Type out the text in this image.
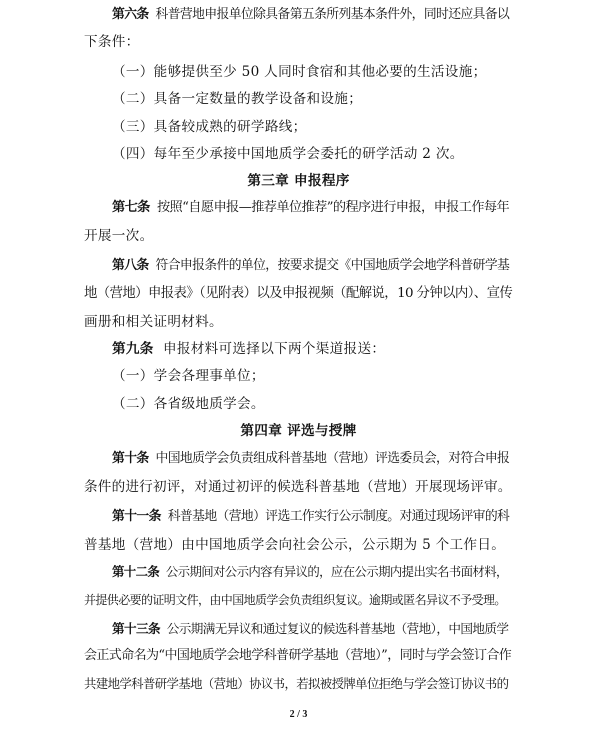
第六条 科普营地申报单位除具备第五条所列基本条件外，同时还应具备以
下条件：
（一）能够提供至少 50 人同时食宿和其他必要的生活设施；
（二）具备一定数量的教学设备和设施；
（三）具备较成熟的研学路线；
（四）每年至少承接中国地质学会委托的研学活动 2 次。
第三章 申报程序
第七条 按照“自愿申报—推荐单位推荐”的程序进行申报，申报工作每年
开展一次。
第八条 符合申报条件的单位，按要求提交《中国地质学会地学科普研学基
地（营地）申报表》（见附表）以及申报视频（配解说，10 分钟以内）、宣传
画册和相关证明材料。
第九条 申报材料可选择以下两个渠道报送：
（一）学会各理事单位；
（二）各省级地质学会。
第四章 评选与授牌
第十条 中国地质学会负责组成科普基地（营地）评选委员会，对符合申报
条件的进行初评，对通过初评的候选科普基地（营地）开展现场评审。
第十一条 科普基地（营地）评选工作实行公示制度。对通过现场评审的科
普基地（营地）由中国地质学会向社会公示，公示期为 5 个工作日。
第十二条 公示期间对公示内容有异议的，应在公示期内提出实名书面材料，
并提供必要的证明文件，由中国地质学会负责组织复议。逾期或匿名异议不予受理。
第十三条 公示期满无异议和通过复议的候选科普基地（营地），中国地质学
会正式命名为“中国地质学会地学科普研学基地（营地）”，同时与学会签订合作
共建地学科普研学基地（营地）协议书，若拟被授牌单位拒绝与学会签订协议书的
2 / 3
